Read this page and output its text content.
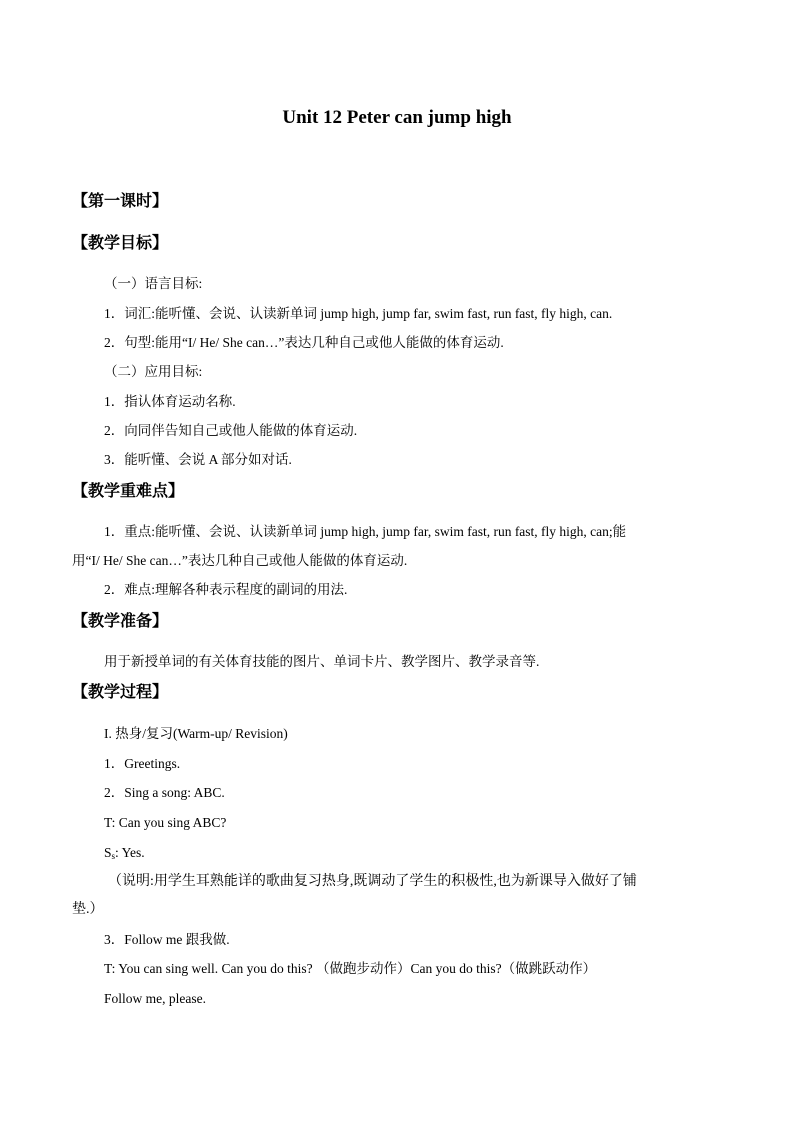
Unit 12 Peter can jump high
【第一课时】
【教学目标】
（一）语言目标:
1．词汇:能听懂、会说、认读新单词 jump high, jump far, swim fast, run fast, fly high, can.
2．句型:能用“I/ He/ She can…”表达几种自己或他人能做的体育运动.
（二）应用目标:
1．指认体育运动名称.
2．向同伴告知自己或他人能做的体育运动.
3．能听懂、会说 A 部分如对话.
【教学重难点】
1．重点:能听懂、会说、认读新单词 jump high, jump far, swim fast, run fast, fly high, can;能
用“I/ He/ She can…”表达几种自己或他人能做的体育运动.
2．难点:理解各种表示程度的副词的用法.
【教学准备】
用于新授单词的有关体育技能的图片、单词卡片、教学图片、教学录音等.
【教学过程】
I. 热身/复习(Warm-up/ Revision)
1．Greetings.
2．Sing a song: ABC.
T: Can you sing ABC?
$S_s$: Yes.
（说明:用学生耳熟能详的歌曲复习热身,既调动了学生的积极性,也为新课导入做好了铺
垫.）
3．Follow me 跟我做.
T: You can sing well. Can you do this? （做跑步动作）Can you do this?（做跳跃动作）
Follow me, please.
